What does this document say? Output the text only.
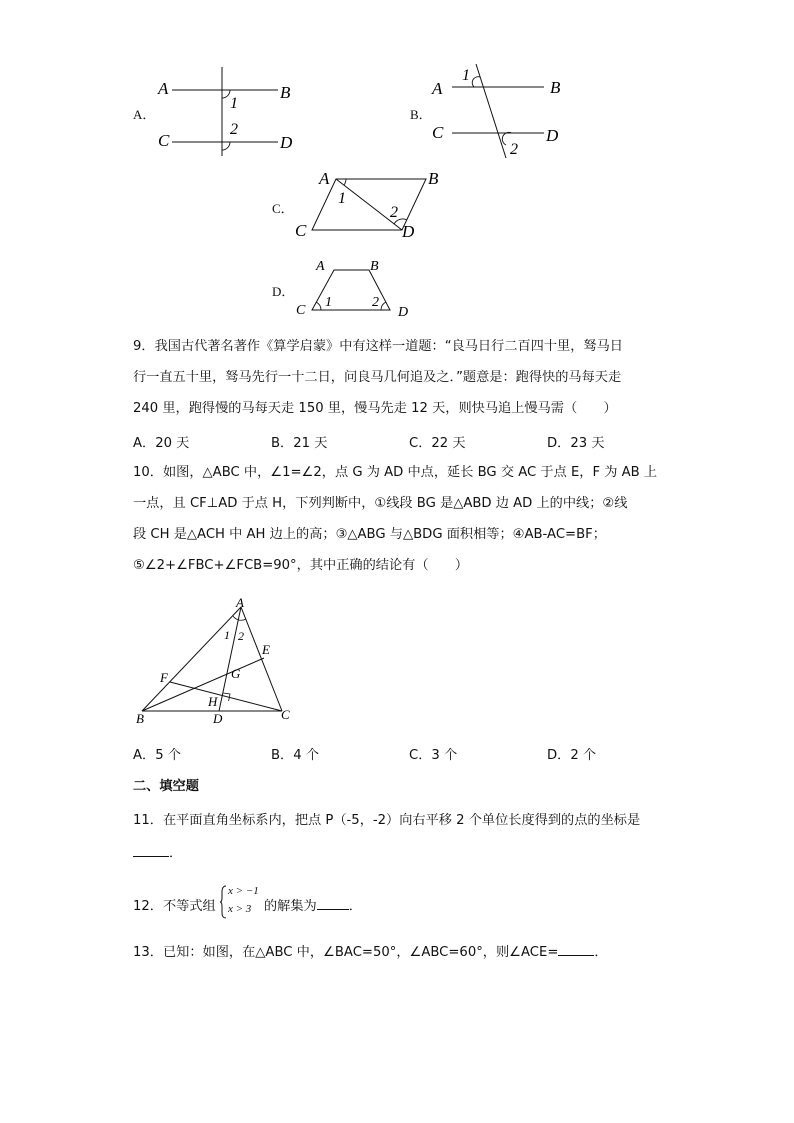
A．
A	B
C	D
1
2
B．
A	B
C	D
1
2
C．
A	B
C	D
1
2
D．
A	B
C	D
1	2
9．我国古代著名著作《算学启蒙》中有这样一道题：“良马日行二百四十里，驽马日
行一直五十里，驽马先行一十二日，问良马几何追及之．”题意是：跑得快的马每天走
240 里，跑得慢的马每天走 150 里，慢马先走 12 天，则快马追上慢马需（　　）
A．20 天	B．21 天	C．22 天	D．23 天
10．如图，△ABC 中，∠1=∠2，点 G 为 AD 中点，延长 BG 交 AC 于点 E，F 为 AB 上
一点，且 CF⊥AD 于点 H，下列判断中，①线段 BG 是△ABD 边 AD 上的中线；②线
段 CH 是△ACH 中 AH 边上的高；③△ABG 与△BDG 面积相等；④AB-AC=BF；
⑤∠2+∠FBC+∠FCB=90°，其中正确的结论有（　　）
A
B	C
D
E
F	G
H
1 2
A．5 个	B．4 个	C．3 个	D．2 个
二、填空题
11．在平面直角坐标系内，把点 P（-5，-2）向右平移 2 个单位长度得到的点的坐标是
．
12．不等式组
x > −1
x > 3 的解集为 ．
13．已知：如图，在△ABC 中，∠BAC=50°，∠ABC=60°，则∠ACE=	．
